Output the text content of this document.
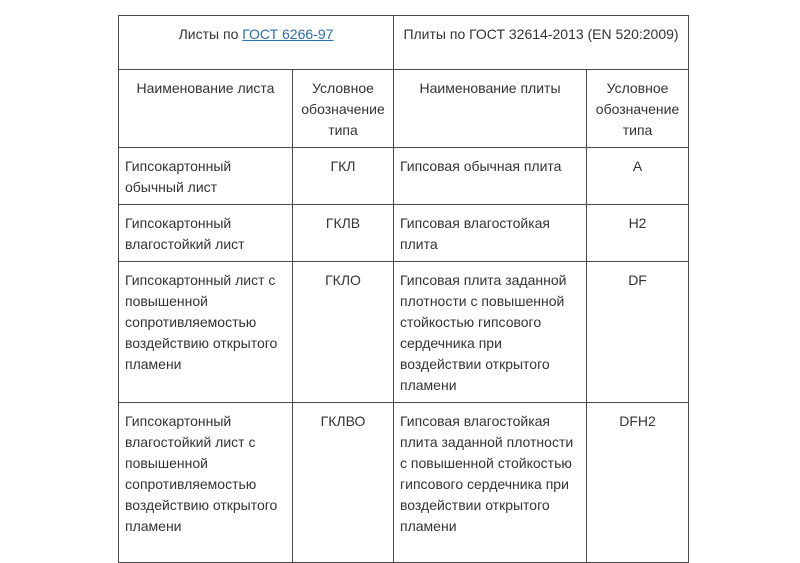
Листы по ГОСТ 6266-97		Плиты по ГОСТ 32614-2013 (EN 520:2009)	
Наименование листа	Условное обозначение типа	Наименование плиты	Условное обозначение типа
Гипсокартонный обычный лист	ГКЛ	Гипсовая обычная плита	A
Гипсокартонный влагостойкий лист	ГКЛВ	Гипсовая влагостойкая плита	H2
Гипсокартонный лист с повышенной сопротивляемостью воздействию открытого пламени	ГКЛО	Гипсовая плита заданной плотности с повышенной стойкостью гипсового сердечника при воздействии открытого пламени	DF
Гипсокартонный влагостойкий лист с повышенной сопротивляемостью воздействию открытого пламени	ГКЛВО	Гипсовая влагостойкая плита заданной плотности с повышенной стойкостью гипсового сердечника при воздействии открытого пламени	DFH2
